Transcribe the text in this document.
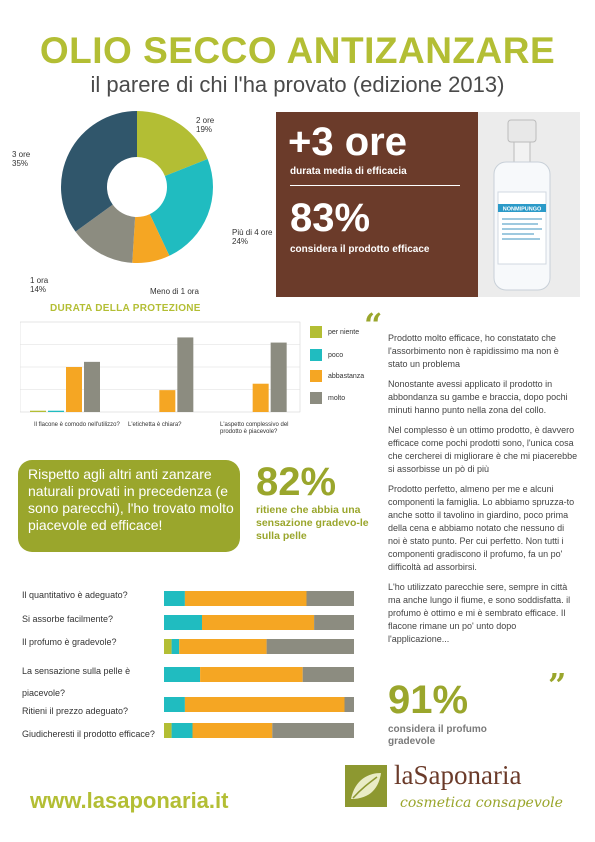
OLIO SECCO ANTIZANZARE
il parere di chi l'ha provato (edizione 2013)
2 ore
19%
Più di 4 ore
24%
Meno di 1 ora
1 ora
14%
3 ore
35%
DURATA DELLA PROTEZIONE
+3 ore
durata media di efficacia
83%
considera il prodotto efficace
NONMIPUNGO
Il flacone è comodo nell'utilizzo?	L'etichetta è chiara?	L'aspetto complessivo del prodotto è piacevole?
per niente
poco
abbastanza
molto
“
”

Prodotto molto efficace, ho constatato che l'assorbimento non è rapidissimo ma non è stato un problema

Nonostante avessi applicato il prodotto in abbondanza su gambe e braccia, dopo pochi minuti hanno punto nella zona del collo.

Nel complesso è un ottimo prodotto, è davvero efficace come pochi prodotti sono, l'unica cosa che cercherei di migliorare è che mi piacerebbe si assorbisse un pò di più

Prodotto perfetto, almeno per me e alcuni componenti la famiglia. Lo abbiamo spruzza-to anche sotto il tavolino in giardino, poco prima della cena e abbiamo notato che nessuno di noi è stato punto. Per cui perfetto. Non tutti i componenti gradiscono il profumo, fa un po' difficoltà ad assorbirsi.

L'ho utilizzato parecchie sere, sempre in città ma anche lungo il fiume, e sono soddisfatta. il profumo è ottimo e mi è sembrato efficace. Il flacone rimane un po' unto dopo l'applicazione...

Rispetto agli altri anti zanzare naturali provati in precedenza (e sono parecchi), l'ho trovato molto piacevole ed efficace!
82%
ritiene che abbia una sensazione gradevo-le sulla pelle
Il quantitativo è adeguato?
Si assorbe facilmente?
Il profumo è gradevole?
La sensazione sulla pelle è piacevole?
Ritieni il prezzo adeguato?
Giudicheresti il prodotto efficace?
91%
considera il profumo gradevole
www.lasaponaria.it
laSaponaria
cosmetica consapevole
